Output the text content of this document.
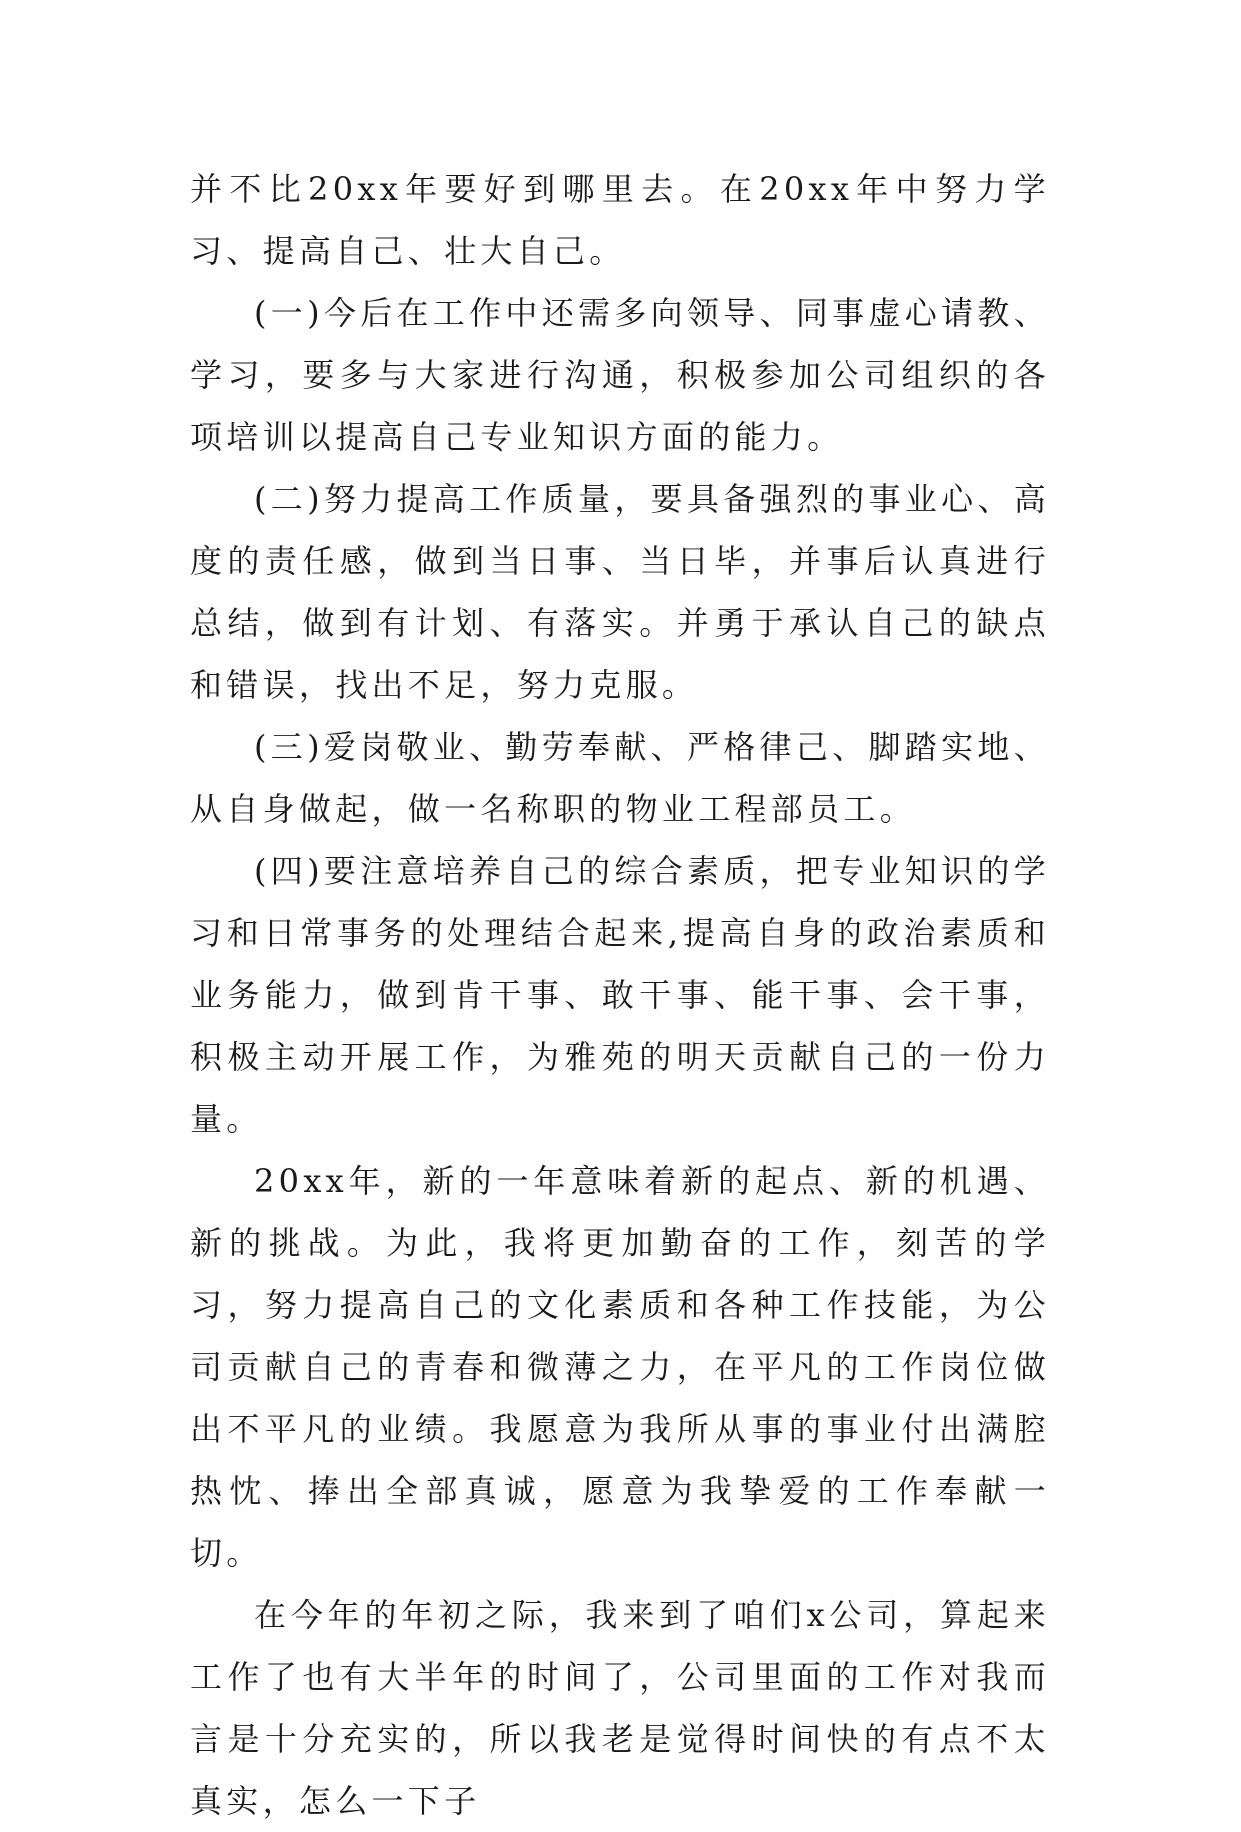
并不比20xx年要好到哪里去。在20xx年中努力学习、提高自己、壮大自己。

(一)今后在工作中还需多向领导、同事虚心请教、学习，要多与大家进行沟通，积极参加公司组织的各项培训以提高自己专业知识方面的能力。

(二)努力提高工作质量，要具备强烈的事业心、高度的责任感，做到当日事、当日毕，并事后认真进行总结，做到有计划、有落实。并勇于承认自己的缺点和错误，找出不足，努力克服。

(三)爱岗敬业、勤劳奉献、严格律己、脚踏实地、从自身做起，做一名称职的物业工程部员工。

(四)要注意培养自己的综合素质，把专业知识的学习和日常事务的处理结合起来,提高自身的政治素质和业务能力，做到肯干事、敢干事、能干事、会干事，积极主动开展工作，为雅苑的明天贡献自己的一份力量。

20xx年，新的一年意味着新的起点、新的机遇、新的挑战。为此，我将更加勤奋的工作，刻苦的学习，努力提高自己的文化素质和各种工作技能，为公司贡献自己的青春和微薄之力，在平凡的工作岗位做出不平凡的业绩。我愿意为我所从事的事业付出满腔热忱、捧出全部真诚，愿意为我挚爱的工作奉献一切。

在今年的年初之际，我来到了咱们x公司，算起来工作了也有大半年的时间了，公司里面的工作对我而言是十分充实的，所以我老是觉得时间快的有点不太真实，怎么一下子
